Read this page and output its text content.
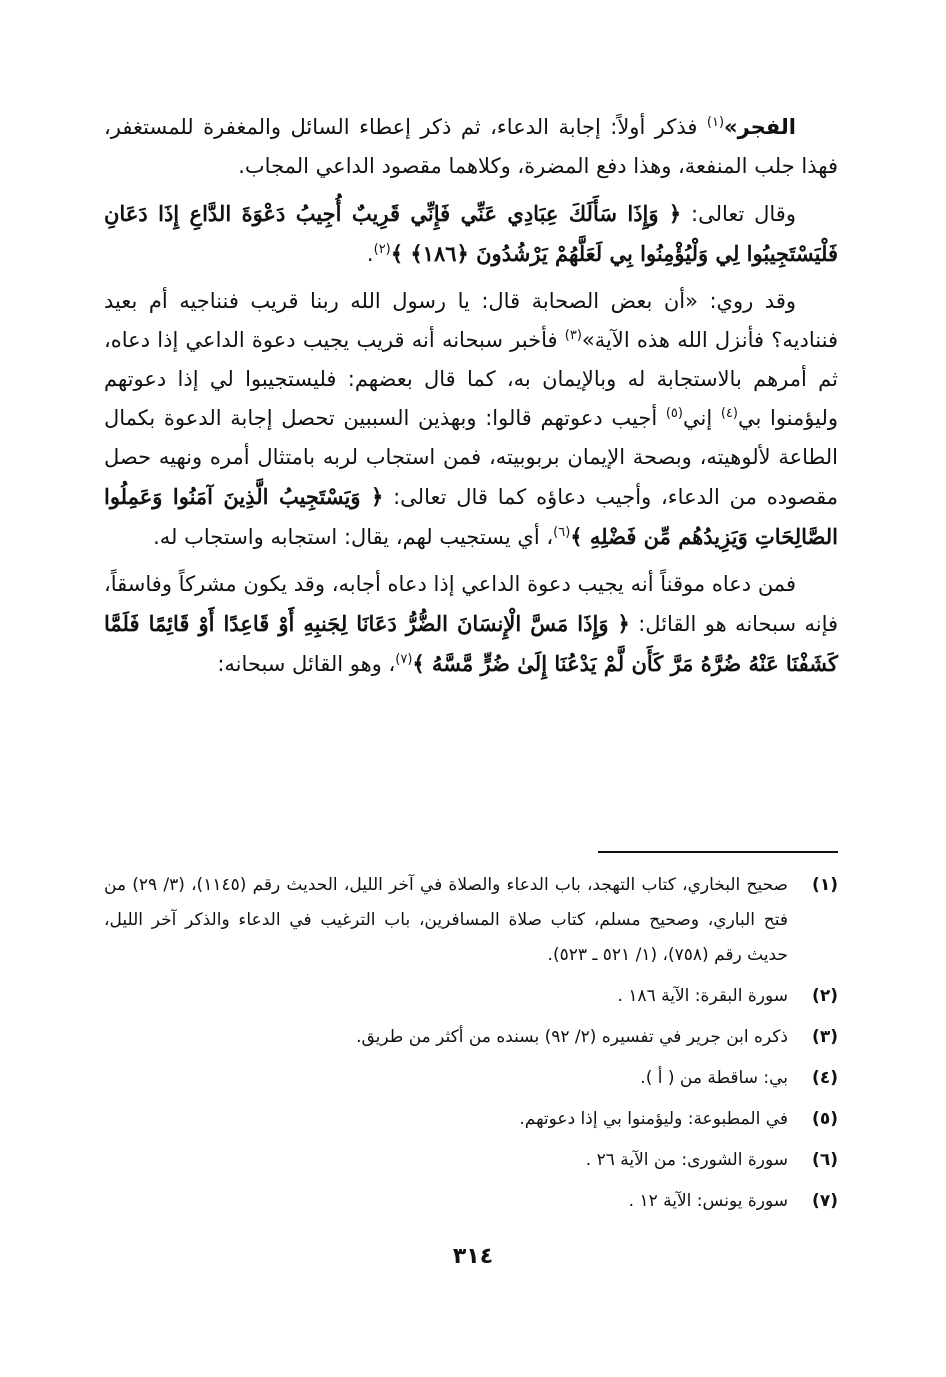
الفجر»$^{(١)}$ فذكر أولاً: إجابة الدعاء، ثم ذكر إعطاء السائل والمغفرة للمستغفر، فهذا جلب المنفعة، وهذا دفع المضرة، وكلاهما مقصود الداعي المجاب.

وقال تعالى: ﴿ وَإِذَا سَأَلَكَ عِبَادِي عَنِّي فَإِنِّي قَرِيبٌ أُجِيبُ دَعْوَةَ الدَّاعِ إِذَا دَعَانِ فَلْيَسْتَجِيبُوا لِي وَلْيُؤْمِنُوا بِي لَعَلَّهُمْ يَرْشُدُونَ ﴿١٨٦﴾ ﴾$^{(٢)}$.

وقد روي: «أن بعض الصحابة قال: يا رسول الله ربنا قريب فنناجيه أم بعيد فنناديه؟ فأنزل الله هذه الآية»$^{(٣)}$ فأخبر سبحانه أنه قريب يجيب دعوة الداعي إذا دعاه، ثم أمرهم بالاستجابة له وبالإيمان به، كما قال بعضهم: فليستجيبوا لي إذا دعوتهم وليؤمنوا بي$^{(٤)}$ إني$^{(٥)}$ أجيب دعوتهم قالوا: وبهذين السببين تحصل إجابة الدعوة بكمال الطاعة لألوهيته، وبصحة الإيمان بربوبيته، فمن استجاب لربه بامتثال أمره ونهيه حصل مقصوده من الدعاء، وأجيب دعاؤه كما قال تعالى: ﴿ وَيَسْتَجِيبُ الَّذِينَ آمَنُوا وَعَمِلُوا الصَّالِحَاتِ وَيَزِيدُهُم مِّن فَضْلِهِ ﴾$^{(٦)}$، أي يستجيب لهم، يقال: استجابه واستجاب له.

فمن دعاه موقناً أنه يجيب دعوة الداعي إذا دعاه أجابه، وقد يكون مشركاً وفاسقاً، فإنه سبحانه هو القائل: ﴿ وَإِذَا مَسَّ الْإِنسَانَ الضُّرُّ دَعَانَا لِجَنبِهِ أَوْ قَاعِدًا أَوْ قَائِمًا فَلَمَّا كَشَفْنَا عَنْهُ ضُرَّهُ مَرَّ كَأَن لَّمْ يَدْعُنَا إِلَىٰ ضُرٍّ مَّسَّهُ ﴾$^{(٧)}$، وهو القائل سبحانه:

(١)
صحيح البخاري، كتاب التهجد، باب الدعاء والصلاة في آخر الليل، الحديث رقم (١١٤٥)، (٣/ ٢٩) من فتح الباري، وصحيح مسلم، كتاب صلاة المسافرين، باب الترغيب في الدعاء والذكر آخر الليل، حديث رقم (٧٥٨)، (١/ ٥٢١ ـ ٥٢٣).
(٢)
سورة البقرة: الآية ١٨٦ .
(٣)
ذكره ابن جرير في تفسيره (٢/ ٩٢) بسنده من أكثر من طريق.
(٤)
بي: ساقطة من ( أ ).
(٥)
في المطبوعة: وليؤمنوا بي إذا دعوتهم.
(٦)
سورة الشورى: من الآية ٢٦ .
(٧)
سورة يونس: الآية ١٢ .
٣١٤
